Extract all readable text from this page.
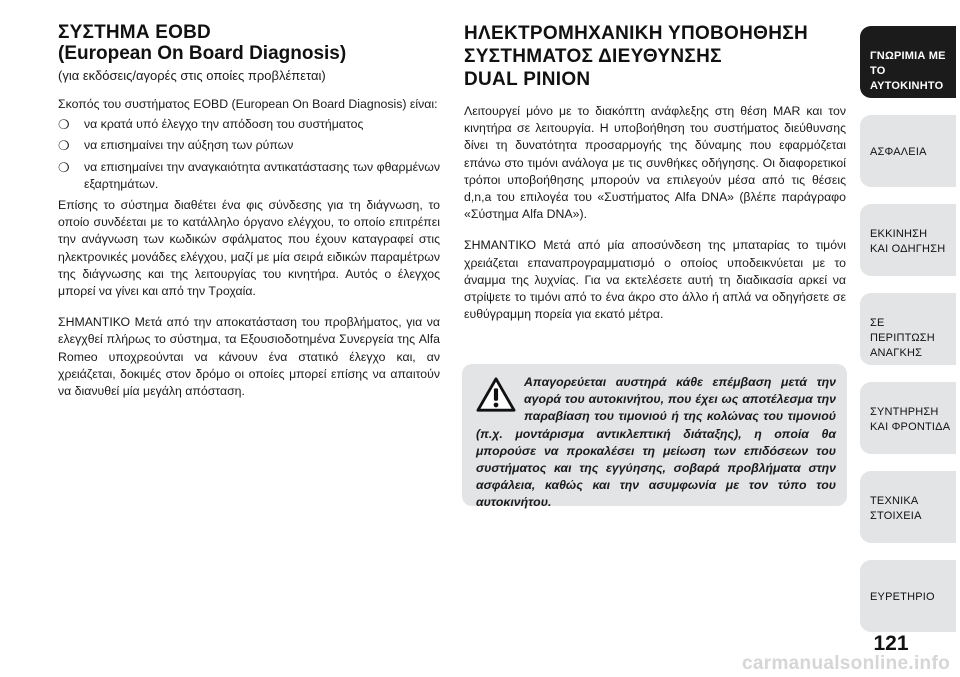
ΣΥΣΤΗΜΑ EOBD
(European On Board Diagnosis)
(για εκδόσεις/αγορές στις οποίες προβλέπεται)

Σκοπός του συστήματος EOBD (European On Board Diagnosis) είναι:

❍ να κρατά υπό έλεγχο την απόδοση του συστήματος
❍ να επισημαίνει την αύξηση των ρύπων
❍ να επισημαίνει την αναγκαιότητα αντικατάστασης των φθαρμένων εξαρτημάτων.

Επίσης το σύστημα διαθέτει ένα φις σύνδεσης για τη διάγνωση, το οποίο συνδέεται με το κατάλληλο όργανο ελέγχου, το οποίο επιτρέπει την ανάγνωση των κωδικών σφάλματος που έχουν καταγραφεί στις ηλεκτρονικές μονάδες ελέγχου, μαζί με μία σειρά ειδικών παραμέτρων της διάγνωσης και της λειτουργίας του κινητήρα. Αυτός ο έλεγχος μπορεί να γίνει και από την Τροχαία.

ΣΗΜΑΝΤΙΚΟ Μετά από την αποκατάσταση του προβλήματος, για να ελεγχθεί πλήρως το σύστημα, τα Εξουσιοδοτημένα Συνεργεία της Alfa Romeo υποχρεούνται να κάνουν ένα στατικό έλεγχο και, αν χρειάζεται, δοκιμές στον δρόμο οι οποίες μπορεί επίσης να απαιτούν να διανυθεί μία μεγάλη απόσταση.

ΗΛΕΚΤΡΟΜΗΧΑΝΙΚΗ ΥΠΟΒΟΗΘΗΣΗ
ΣΥΣΤΗΜΑΤΟΣ ΔΙΕΥΘΥΝΣΗΣ
DUAL PINION

Λειτουργεί μόνο με το διακόπτη ανάφλεξης στη θέση MAR και τον κινητήρα σε λειτουργία. Η υποβοήθηση του συστήματος διεύθυνσης δίνει τη δυνατότητα προσαρμογής της δύναμης που εφαρμόζεται επάνω στο τιμόνι ανάλογα με τις συνθήκες οδήγησης. Οι διαφορετικοί τρόποι υποβοήθησης μπορούν να επιλεγούν μέσα από τις θέσεις d,n,a του επιλογέα του «Συστήματος Alfa DNA» (βλέπε παράγραφο «Σύστημα Alfa DNA»).

ΣΗΜΑΝΤΙΚΟ Μετά από μία αποσύνδεση της μπαταρίας το τιμόνι χρειάζεται επαναπρογραμματισμό ο οποίος υποδεικνύεται με το άναμμα της λυχνίας. Για να εκτελέσετε αυτή τη διαδικασία αρκεί να στρίψετε το τιμόνι από το ένα άκρο στο άλλο ή απλά να οδηγήσετε σε ευθύγραμμη πορεία για εκατό μέτρα.

Απαγορεύεται αυστηρά κάθε επέμβαση μετά την αγορά του αυτοκινήτου, που έχει ως αποτέλεσμα την παραβίαση του τιμονιού ή της κολώνας του τιμονιού (π.χ. μοντάρισμα αντικλεπτική διάταξης), η οποία θα μπορούσε να προκαλέσει τη μείωση των επιδόσεων του συστήματος και της εγγύησης, σοβαρά προβλήματα στην ασφάλεια, καθώς και την ασυμφωνία με τον τύπο του αυτοκινήτου.
ΓΝΩΡΙΜΙΑ ΜΕ ΤΟ
ΑΥΤΟΚΙΝΗΤΟ
ΑΣΦΑΛΕΙΑ
ΕΚΚΙΝΗΣΗ
ΚΑΙ ΟΔΗΓΗΣΗ
ΣΕ ΠΕΡΙΠΤΩΣΗ
ΑΝΑΓΚΗΣ
ΣΥΝΤΗΡΗΣΗ
ΚΑΙ ΦΡΟΝΤΙΔΑ
ΤΕΧΝΙΚΑ
ΣΤΟΙΧΕΙΑ
ΕΥΡΕΤΗΡΙΟ
121
carmanualsonline.info
